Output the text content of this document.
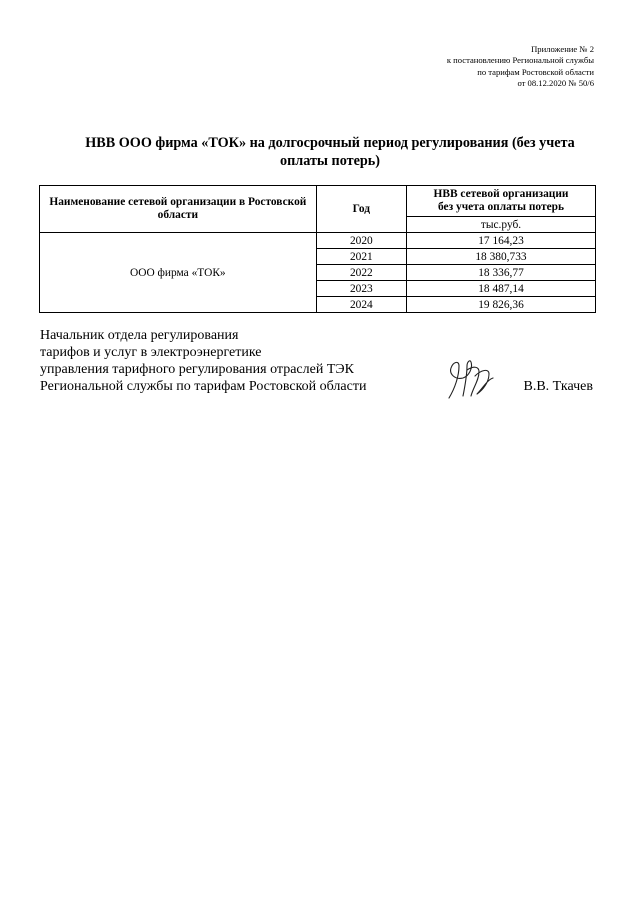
Приложение № 2
к постановлению Региональной службы
по тарифам Ростовской области
от 08.12.2020 № 50/6
НВВ ООО фирма «ТОК» на долгосрочный период регулирования (без учета
оплаты потерь)
Наименование сетевой организации в Ростовской области	Год	НВВ сетевой организации
без учета оплаты потерь

		тыс.руб.
ООО фирма «ТОК»	2020	17 164,23
	2021	18 380,733
	2022	18 336,77
	2023	18 487,14
	2024	19 826,36
Начальник отдела регулирования
тарифов и услуг в электроэнергетике
управления тарифного регулирования отраслей ТЭК
Региональной службы по тарифам Ростовской области	В.В. Ткачев
